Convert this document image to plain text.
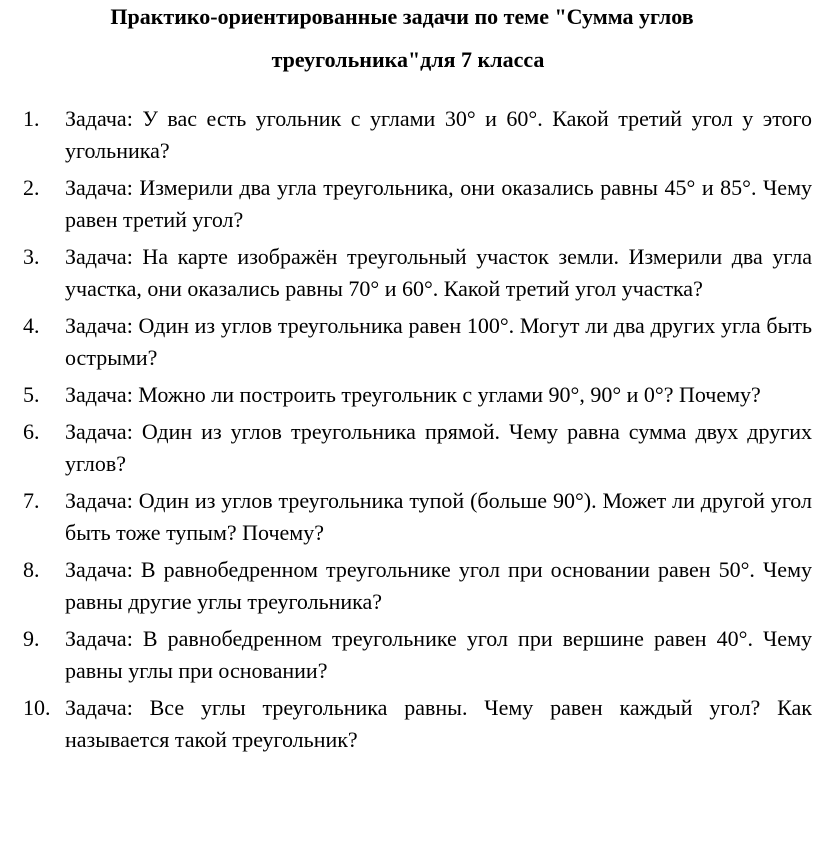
Практико-ориентированные задачи по теме "Сумма углов
треугольника"для 7 класса
1. Задача: У вас есть угольник с углами 30° и 60°. Какой третий угол у этого угольника?
2. Задача: Измерили два угла треугольника, они оказались равны 45° и 85°. Чему равен третий угол?
3. Задача: На карте изображён треугольный участок земли. Измерили два угла участка, они оказались равны 70° и 60°. Какой третий угол участка?
4. Задача: Один из углов треугольника равен 100°. Могут ли два других угла быть острыми?
5. Задача: Можно ли построить треугольник с углами 90°, 90° и 0°? Почему?
6. Задача: Один из углов треугольника прямой. Чему равна сумма двух других углов?
7. Задача: Один из углов треугольника тупой (больше 90°). Может ли другой угол быть тоже тупым? Почему?
8. Задача: В равнобедренном треугольнике угол при основании равен 50°. Чему равны другие углы треугольника?
9. Задача: В равнобедренном треугольнике угол при вершине равен 40°. Чему равны углы при основании?
10. Задача: Все углы треугольника равны. Чему равен каждый угол? Как называется такой треугольник?
